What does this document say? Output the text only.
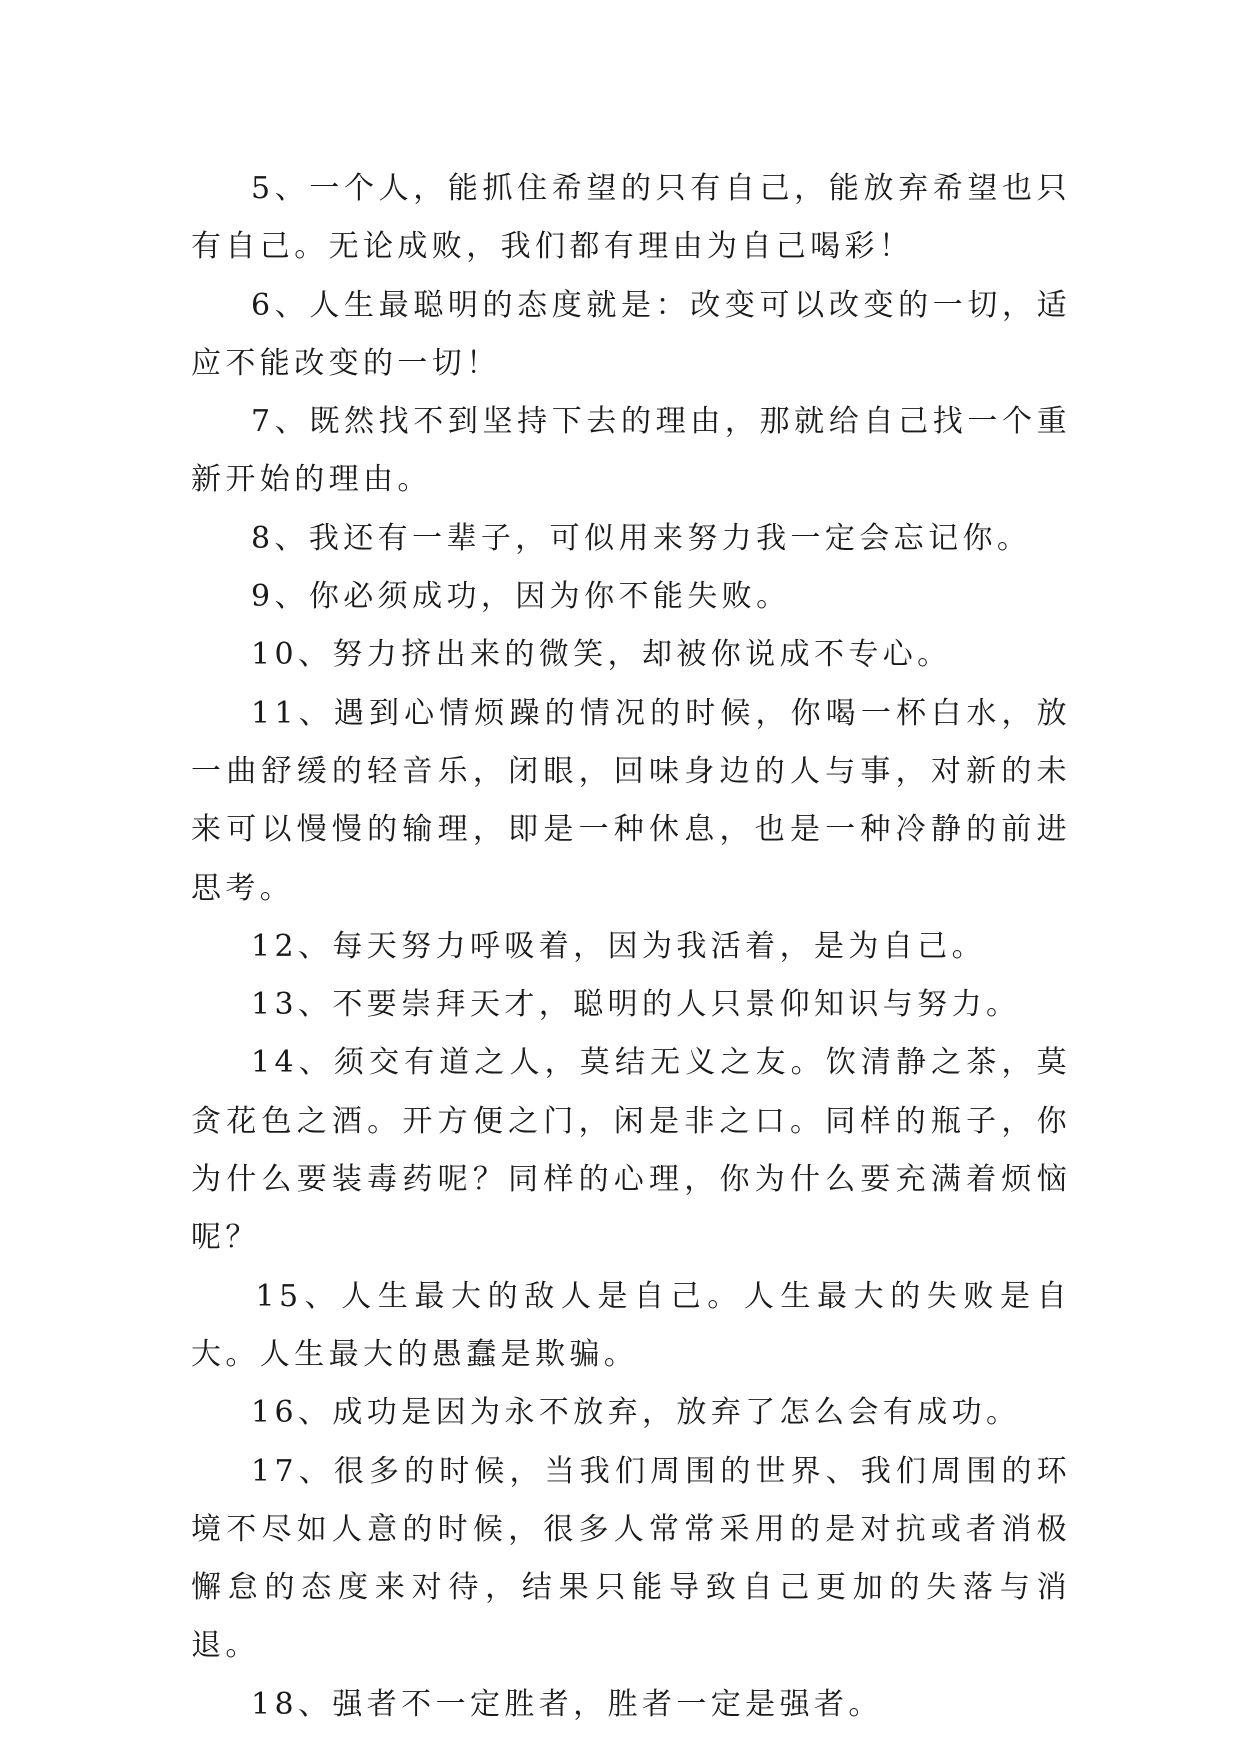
5、一个人，能抓住希望的只有自己，能放弃希望也只有自己。无论成败，我们都有理由为自己喝彩！

6、人生最聪明的态度就是：改变可以改变的一切，适应不能改变的一切！

7、既然找不到坚持下去的理由，那就给自己找一个重新开始的理由。

8、我还有一辈子，可似用来努力我一定会忘记你。

9、你必须成功，因为你不能失败。

10、努力挤出来的微笑，却被你说成不专心。

11、遇到心情烦躁的情况的时候，你喝一杯白水，放一曲舒缓的轻音乐，闭眼，回味身边的人与事，对新的未来可以慢慢的输理，即是一种休息，也是一种冷静的前进思考。

12、每天努力呼吸着，因为我活着，是为自己。

13、不要崇拜天才，聪明的人只景仰知识与努力。

14、须交有道之人，莫结无义之友。饮清静之茶，莫贪花色之酒。开方便之门，闲是非之口。同样的瓶子，你为什么要装毒药呢？同样的心理，你为什么要充满着烦恼呢？

15、人生最大的敌人是自己。人生最大的失败是自大。人生最大的愚蠢是欺骗。

16、成功是因为永不放弃，放弃了怎么会有成功。

17、很多的时候，当我们周围的世界、我们周围的环境不尽如人意的时候，很多人常常采用的是对抗或者消极懈怠的态度来对待，结果只能导致自己更加的失落与消退。

18、强者不一定胜者，胜者一定是强者。
